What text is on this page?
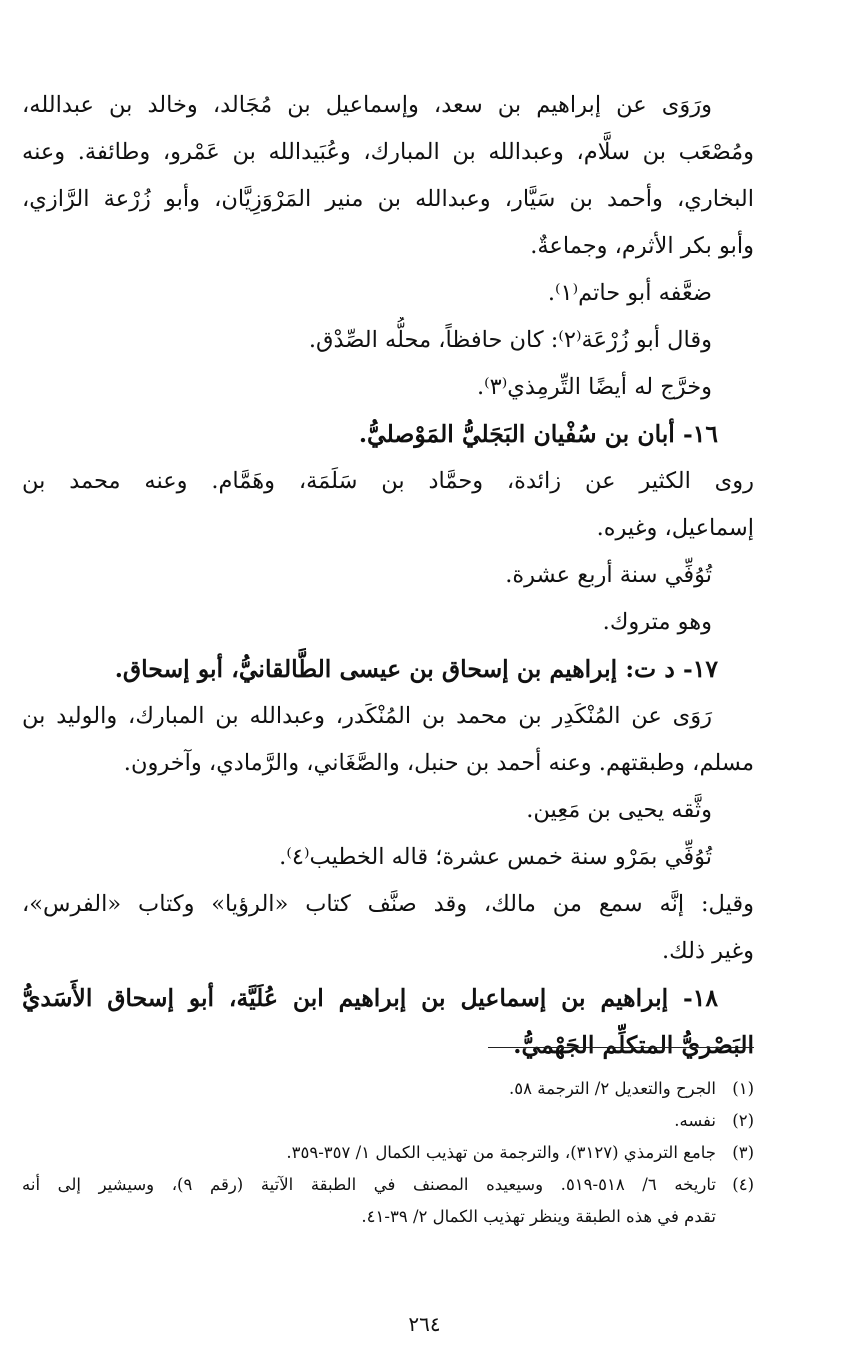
ورَوَى عن إبراهيم بن سعد، وإسماعيل بن مُجَالد، وخالد بن عبدالله،
ومُصْعَب بن سلَّام، وعبدالله بن المبارك، وعُبَيدالله بن عَمْرو، وطائفة. وعنه
البخاري، وأحمد بن سَيَّار، وعبدالله بن منير المَرْوَزِيَّان، وأبو زُرْعة الرَّازي،
وأبو بكر الأثرم، وجماعةٌ.
ضعَّفه أبو حاتم⁽١⁾.
وقال أبو زُرْعَة⁽٢⁾: كان حافظاً، محلُّه الصِّدْق.
وخرَّج له أيضًا التِّرمِذي⁽٣⁾.
١٦- أبان بن سُفْيان البَجَليُّ المَوْصليُّ.
روى الكثير عن زائدة، وحمَّاد بن سَلَمَة، وهَمَّام. وعنه محمد بن
إسماعيل، وغيره.
تُوُفِّي سنة أربع عشرة.
وهو متروك.
١٧- د ت: إبراهيم بن إسحاق بن عيسى الطَّالقانيُّ، أبو إسحاق.
رَوَى عن المُنْكَدِر بن محمد بن المُنْكَدر، وعبدالله بن المبارك، والوليد بن
مسلم، وطبقتهم. وعنه أحمد بن حنبل، والصَّغَاني، والرَّمادي، وآخرون.
وثَّقه يحيى بن مَعِين.
تُوُفِّي بمَرْو سنة خمس عشرة؛ قاله الخطيب⁽٤⁾.
وقيل: إنَّه سمع من مالك، وقد صنَّف كتاب «الرؤيا» وكتاب «الفرس»،
وغير ذلك.
١٨- إبراهيم بن إسماعيل بن إبراهيم ابن عُلَيَّة، أبو إسحاق الأَسَديُّ
البَصْريُّ المتكلِّم الجَهْميُّ.
(١)
الجرح والتعديل ٢/ الترجمة ٥٨.
(٢)
نفسه.
(٣)
جامع الترمذي (٣١٢٧)، والترجمة من تهذيب الكمال ١/ ٣٥٧-٣٥٩.
(٤)
تاريخه ٦/ ٥١٨-٥١٩. وسيعيده المصنف في الطبقة الآتية (رقم ٩)، وسيشير إلى أنه
تقدم في هذه الطبقة وينظر تهذيب الكمال ٢/ ٣٩-٤١.
٢٦٤
